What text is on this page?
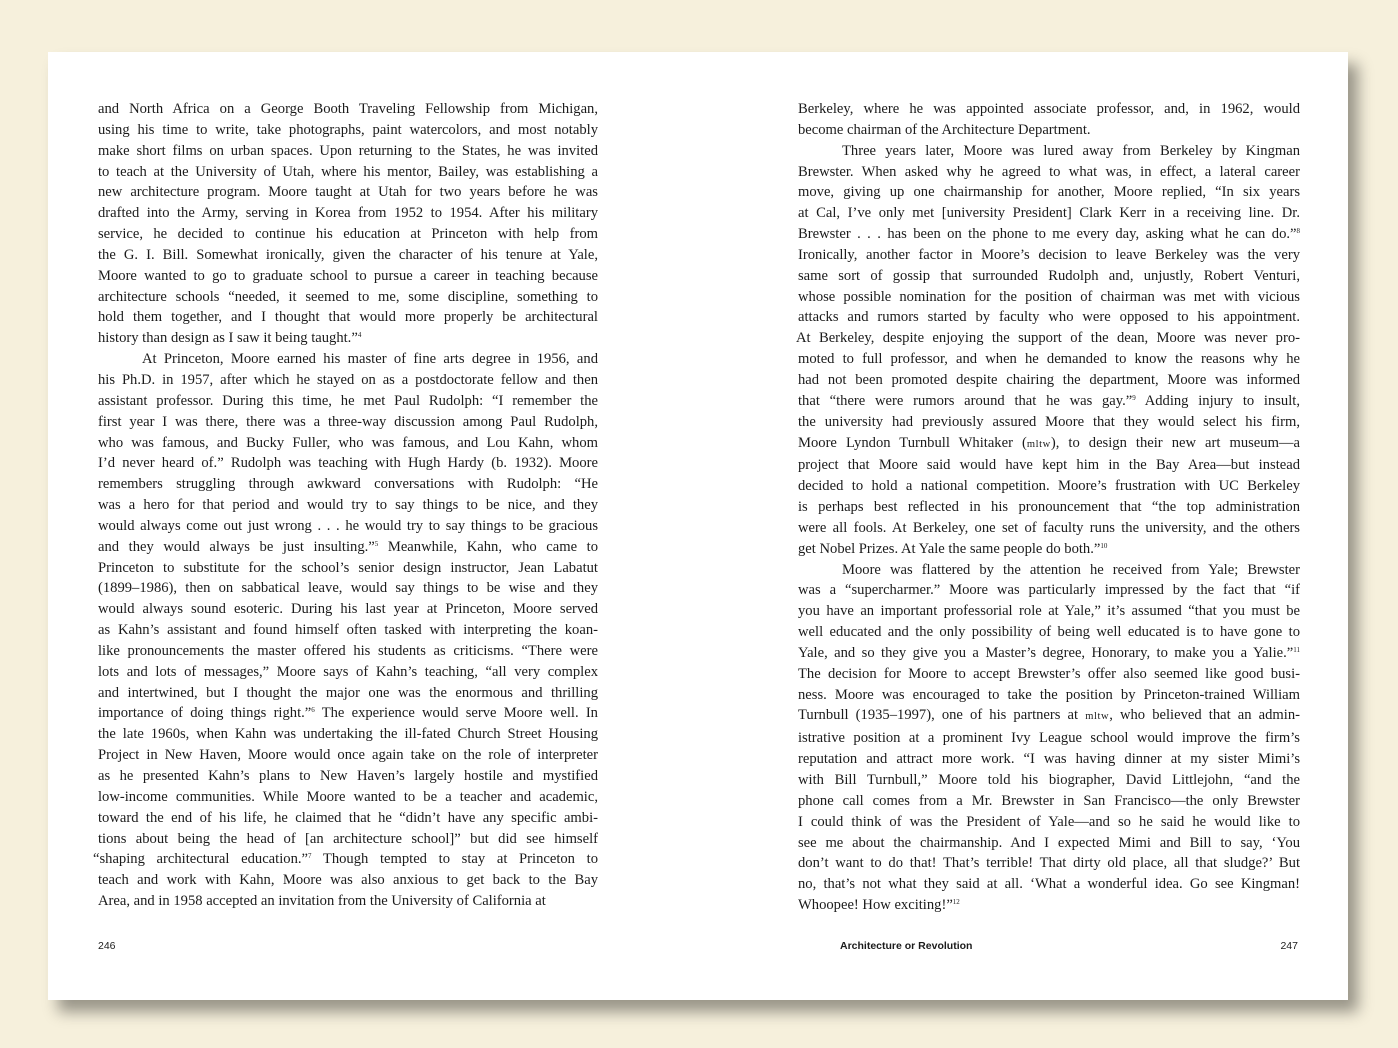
and North Africa on a George Booth Traveling Fellowship from Michigan,
using his time to write, take photographs, paint watercolors, and most notably
make short films on urban spaces. Upon returning to the States, he was invited
to teach at the University of Utah, where his mentor, Bailey, was establishing a
new architecture program. Moore taught at Utah for two years before he was
drafted into the Army, serving in Korea from 1952 to 1954. After his military
service, he decided to continue his education at Princeton with help from
the G. I. Bill. Somewhat ironically, given the character of his tenure at Yale,
Moore wanted to go to graduate school to pursue a career in teaching because
architecture schools “needed, it seemed to me, some discipline, something to
hold them together, and I thought that would more properly be architectural
history than design as I saw it being taught.”$^4$
At Princeton, Moore earned his master of fine arts degree in 1956, and
his Ph.D. in 1957, after which he stayed on as a postdoctorate fellow and then
assistant professor. During this time, he met Paul Rudolph: “I remember the
first year I was there, there was a three-way discussion among Paul Rudolph,
who was famous, and Bucky Fuller, who was famous, and Lou Kahn, whom
I’d never heard of.” Rudolph was teaching with Hugh Hardy (b. 1932). Moore
remembers struggling through awkward conversations with Rudolph: “He
was a hero for that period and would try to say things to be nice, and they
would always come out just wrong . . . he would try to say things to be gracious
and they would always be just insulting.”$^5$ Meanwhile, Kahn, who came to
Princeton to substitute for the school’s senior design instructor, Jean Labatut
(1899–1986), then on sabbatical leave, would say things to be wise and they
would always sound esoteric. During his last year at Princeton, Moore served
as Kahn’s assistant and found himself often tasked with interpreting the koan-
like pronouncements the master offered his students as criticisms. “There were
lots and lots of messages,” Moore says of Kahn’s teaching, “all very complex
and intertwined, but I thought the major one was the enormous and thrilling
importance of doing things right.”$^6$ The experience would serve Moore well. In
the late 1960s, when Kahn was undertaking the ill-fated Church Street Housing
Project in New Haven, Moore would once again take on the role of interpreter
as he presented Kahn’s plans to New Haven’s largely hostile and mystified
low-income communities. While Moore wanted to be a teacher and academic,
toward the end of his life, he claimed that he “didn’t have any specific ambi-
tions about being the head of [an architecture school]” but did see himself
“shaping architectural education.”$^7$ Though tempted to stay at Princeton to
teach and work with Kahn, Moore was also anxious to get back to the Bay
Area, and in 1958 accepted an invitation from the University of California at
Berkeley, where he was appointed associate professor, and, in 1962, would
become chairman of the Architecture Department.
Three years later, Moore was lured away from Berkeley by Kingman
Brewster. When asked why he agreed to what was, in effect, a lateral career
move, giving up one chairmanship for another, Moore replied, “In six years
at Cal, I’ve only met [university President] Clark Kerr in a receiving line. Dr.
Brewster . . . has been on the phone to me every day, asking what he can do.”$^8$
Ironically, another factor in Moore’s decision to leave Berkeley was the very
same sort of gossip that surrounded Rudolph and, unjustly, Robert Venturi,
whose possible nomination for the position of chairman was met with vicious
attacks and rumors started by faculty who were opposed to his appointment.
At Berkeley, despite enjoying the support of the dean, Moore was never pro-
moted to full professor, and when he demanded to know the reasons why he
had not been promoted despite chairing the department, Moore was informed
that “there were rumors around that he was gay.”$^9$ Adding injury to insult,
the university had previously assured Moore that they would select his firm,
Moore Lyndon Turnbull Whitaker (mltw), to design their new art museum—a
project that Moore said would have kept him in the Bay Area—but instead
decided to hold a national competition. Moore’s frustration with UC Berkeley
is perhaps best reflected in his pronouncement that “the top administration
were all fools. At Berkeley, one set of faculty runs the university, and the others
get Nobel Prizes. At Yale the same people do both.”$^{10}$
Moore was flattered by the attention he received from Yale; Brewster
was a “supercharmer.” Moore was particularly impressed by the fact that “if
you have an important professorial role at Yale,” it’s assumed “that you must be
well educated and the only possibility of being well educated is to have gone to
Yale, and so they give you a Master’s degree, Honorary, to make you a Yalie.”$^{11}$
The decision for Moore to accept Brewster’s offer also seemed like good busi-
ness. Moore was encouraged to take the position by Princeton-trained William
Turnbull (1935–1997), one of his partners at mltw, who believed that an admin-
istrative position at a prominent Ivy League school would improve the firm’s
reputation and attract more work. “I was having dinner at my sister Mimi’s
with Bill Turnbull,” Moore told his biographer, David Littlejohn, “and the
phone call comes from a Mr. Brewster in San Francisco—the only Brewster
I could think of was the President of Yale—and so he said he would like to
see me about the chairmanship. And I expected Mimi and Bill to say, ‘You
don’t want to do that! That’s terrible! That dirty old place, all that sludge?’ But
no, that’s not what they said at all. ‘What a wonderful idea. Go see Kingman!
Whoopee! How exciting!”$^{12}$

246	Architecture or Revolution	247
